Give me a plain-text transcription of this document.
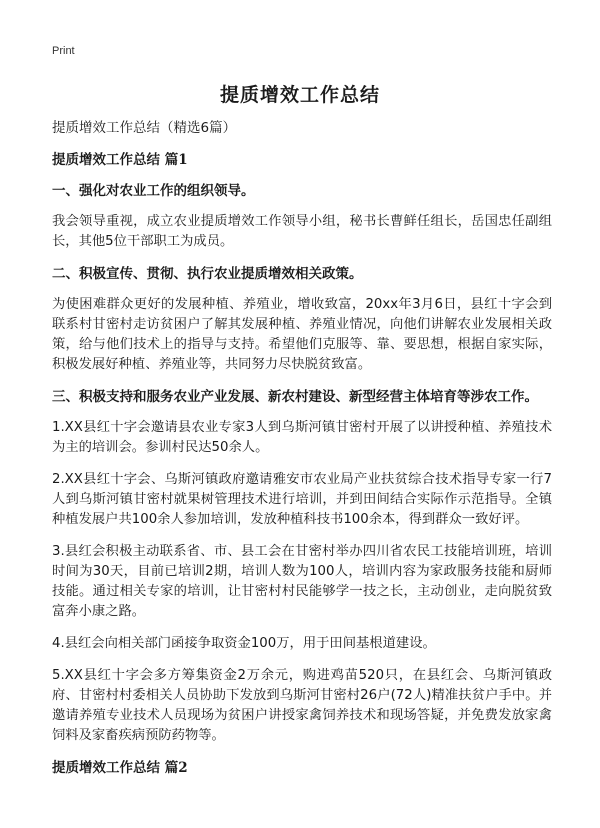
Print
提质增效工作总结
提质增效工作总结（精选6篇）
提质增效工作总结 篇1
一、强化对农业工作的组织领导。
我会领导重视，成立农业提质增效工作领导小组，秘书长曹鲜任组长，岳国忠任副组长，其他5位干部职工为成员。
二、积极宣传、贯彻、执行农业提质增效相关政策。
为使困难群众更好的发展种植、养殖业，增收致富，20xx年3月6日，县红十字会到联系村甘密村走访贫困户了解其发展种植、养殖业情况，向他们讲解农业发展相关政策，给与他们技术上的指导与支持。希望他们克服等、靠、要思想，根据自家实际，积极发展好种植、养殖业等，共同努力尽快脱贫致富。
三、积极支持和服务农业产业发展、新农村建设、新型经营主体培育等涉农工作。
1.XX县红十字会邀请县农业专家3人到乌斯河镇甘密村开展了以讲授种植、养殖技术为主的培训会。参训村民达50余人。
2.XX县红十字会、乌斯河镇政府邀请雅安市农业局产业扶贫综合技术指导专家一行7人到乌斯河镇甘密村就果树管理技术进行培训，并到田间结合实际作示范指导。全镇种植发展户共100余人参加培训，发放种植科技书100余本，得到群众一致好评。
3.县红会积极主动联系省、市、县工会在甘密村举办四川省农民工技能培训班，培训时间为30天，目前已培训2期，培训人数为100人，培训内容为家政服务技能和厨师技能。通过相关专家的培训，让甘密村村民能够学一技之长，主动创业，走向脱贫致富奔小康之路。
4.县红会向相关部门函接争取资金100万，用于田间基根道建设。
5.XX县红十字会多方筹集资金2万余元，购进鸡苗520只，在县红会、乌斯河镇政府、甘密村村委相关人员协助下发放到乌斯河甘密村26户(72人)精准扶贫户手中。并邀请养殖专业技术人员现场为贫困户讲授家禽饲养技术和现场答疑，并免费发放家禽饲料及家畜疾病预防药物等。
提质增效工作总结 篇2
